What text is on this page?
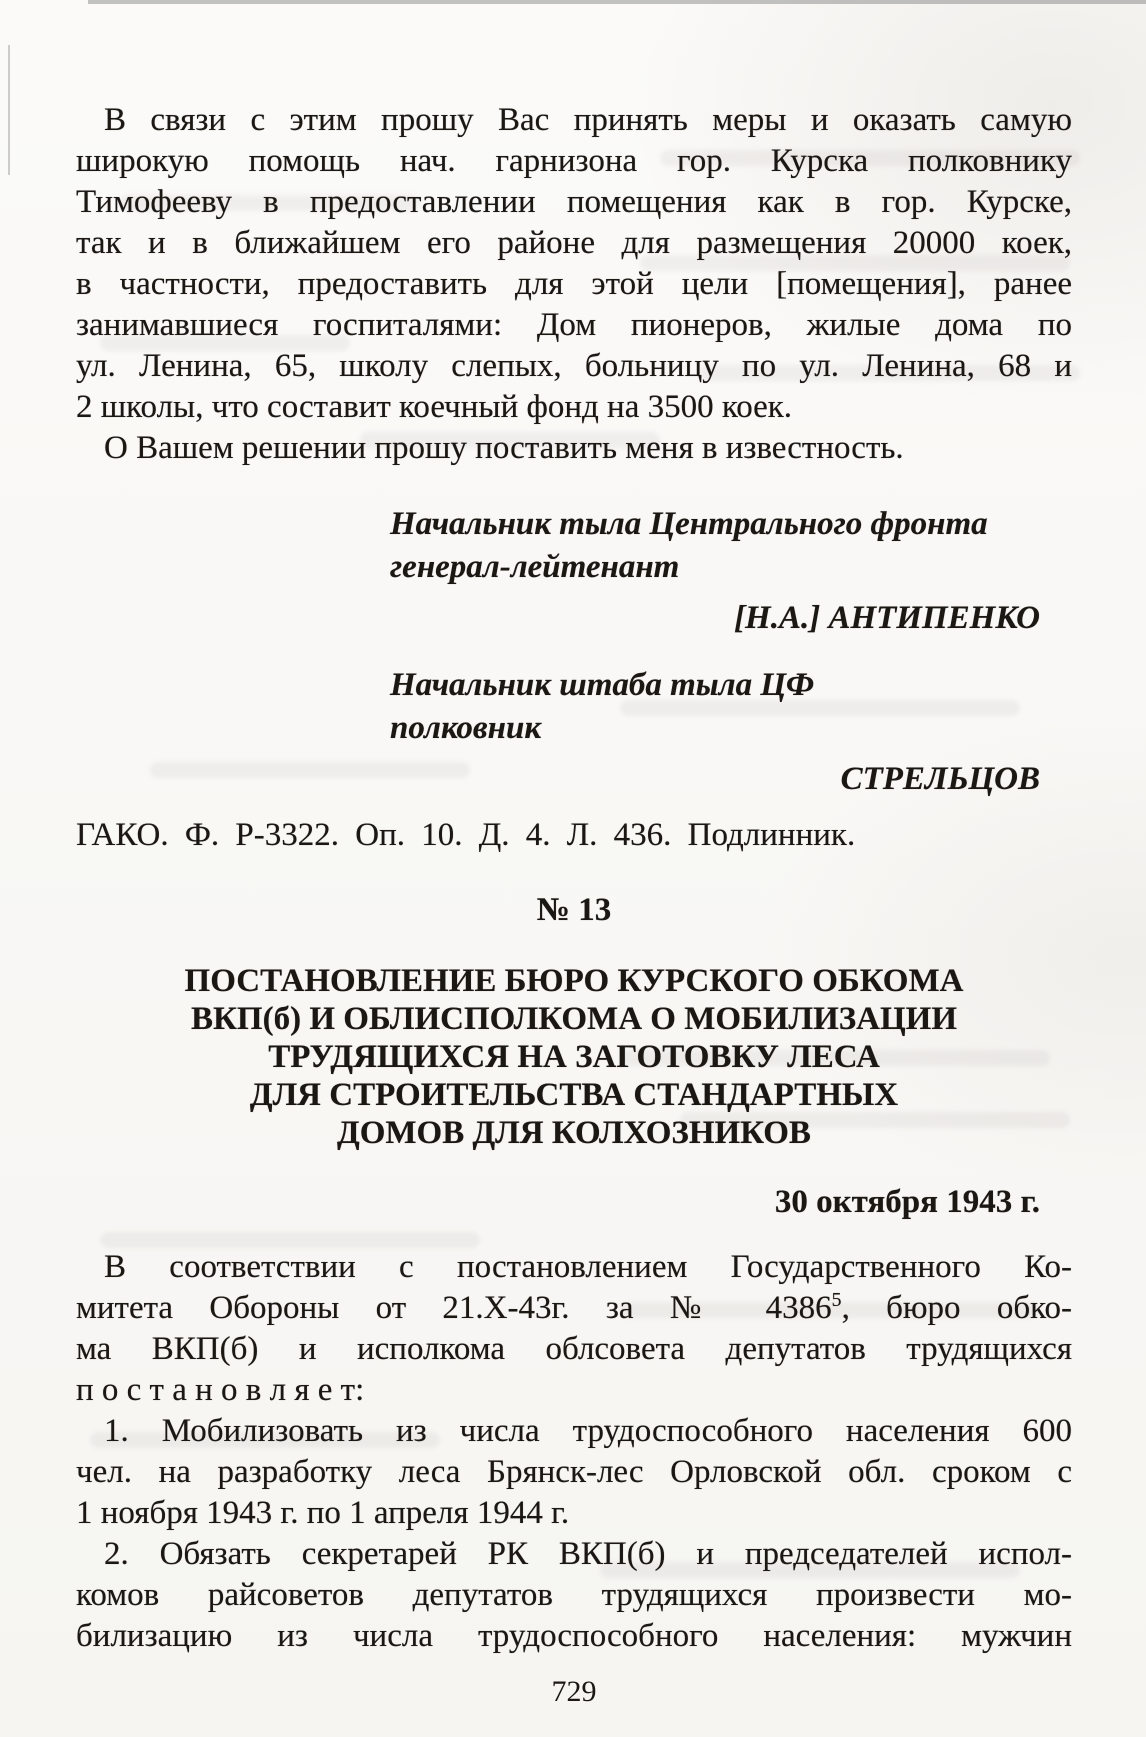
В связи с этим прошу Вас принять меры и оказать самую
широкую помощь нач. гарнизона гор. Курска полковнику
Тимофееву в предоставлении помещения как в гор. Курске,
так и в ближайшем его районе для размещения 20000 коек,
в частности, предоставить для этой цели [помещения], ранее
занимавшиеся госпиталями: Дом пионеров, жилые дома по
ул. Ленина, 65, школу слепых, больницу по ул. Ленина, 68 и
2 школы, что составит коечный фонд на 3500 коек.
О Вашем решении прошу поставить меня в известность.
Начальник тыла Центрального фронта
генерал-лейтенант
[Н.А.] АНТИПЕНКО
Начальник штаба тыла ЦФ
полковник
СТРЕЛЬЦОВ
ГАКО. Ф. Р-3322. Оп. 10. Д. 4. Л. 436. Подлинник.
№ 13
ПОСТАНОВЛЕНИЕ БЮРО КУРСКОГО ОБКОМА
ВКП(б) И ОБЛИСПОЛКОМА О МОБИЛИЗАЦИИ
ТРУДЯЩИХСЯ НА ЗАГОТОВКУ ЛЕСА
ДЛЯ СТРОИТЕЛЬСТВА СТАНДАРТНЫХ
ДОМОВ ДЛЯ КОЛХОЗНИКОВ
30 октября 1943 г.
В соответствии с постановлением Государственного Ко-
митета Обороны от 21.Х-43г. за № 4386$^5$, бюро обко-
ма ВКП(б) и исполкома облсовета депутатов трудящихся
п о с т а н о в л я е т:
1. Мобилизовать из числа трудоспособного населения 600
чел. на разработку леса Брянск-лес Орловской обл. сроком с
1 ноября 1943 г. по 1 апреля 1944 г.
2. Обязать секретарей РК ВКП(б) и председателей испол-
комов райсоветов депутатов трудящихся произвести мо-
билизацию из числа трудоспособного населения: мужчин
729
